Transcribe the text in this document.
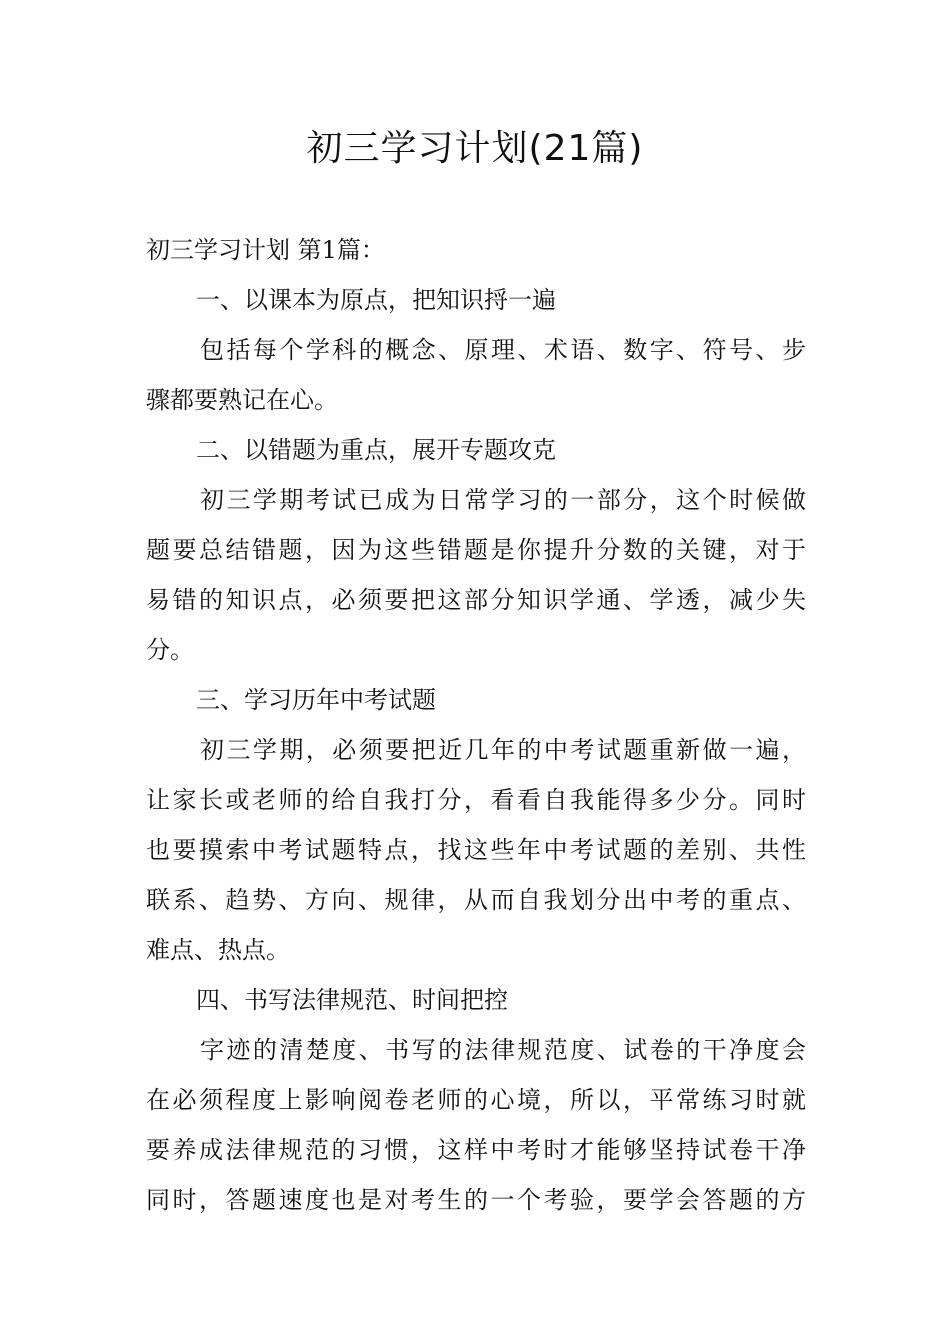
初三学习计划(21篇)
初三学习计划 第1篇：
一、以课本为原点，把知识捋一遍
包括每个学科的概念、原理、术语、数字、符号、步
骤都要熟记在心。
二、以错题为重点，展开专题攻克
初三学期考试已成为日常学习的一部分，这个时候做
题要总结错题，因为这些错题是你提升分数的关键，对于
易错的知识点，必须要把这部分知识学通、学透，减少失
分。
三、学习历年中考试题
初三学期，必须要把近几年的中考试题重新做一遍，
让家长或老师的给自我打分，看看自我能得多少分。同时
也要摸索中考试题特点，找这些年中考试题的差别、共性
联系、趋势、方向、规律，从而自我划分出中考的重点、
难点、热点。
四、书写法律规范、时间把控
字迹的清楚度、书写的法律规范度、试卷的干净度会
在必须程度上影响阅卷老师的心境，所以，平常练习时就
要养成法律规范的习惯，这样中考时才能够坚持试卷干净
同时，答题速度也是对考生的一个考验，要学会答题的方
